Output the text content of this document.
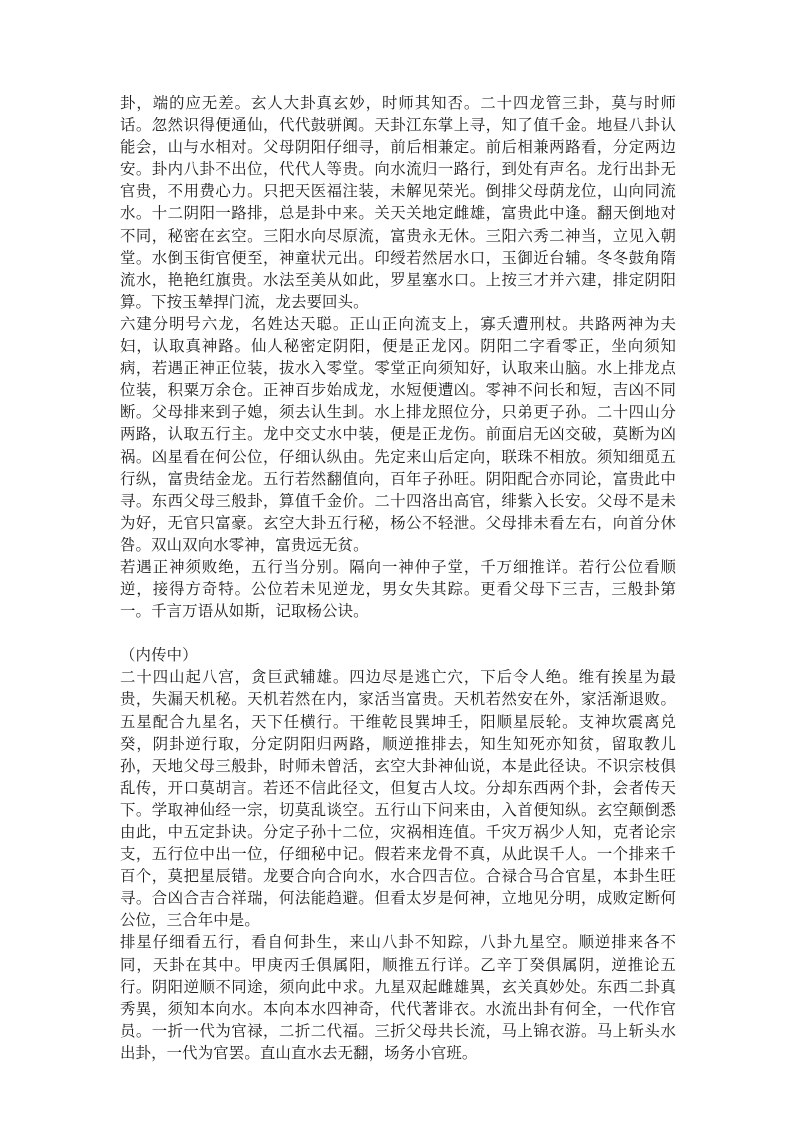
卦，端的应无差。玄人大卦真玄妙，时师其知否。二十四龙管三卦，莫与时师话。忽然识得便通仙，代代鼓骈阗。天卦江东掌上寻，知了值千金。地昼八卦认能会，山与水相对。父母阴阳仔细寻，前后相兼定。前后相兼两路看，分定两边安。卦内八卦不出位，代代人等贵。向水流归一路行，到处有声名。龙行出卦无官贵，不用费心力。只把天医福注装，未解见荣光。倒排父母荫龙位，山向同流水。十二阴阳一路排，总是卦中来。关天关地定雌雄，富贵此中逢。翻天倒地对不同，秘密在玄空。三阳水向尽原流，富贵永无休。三阳六秀二神当，立见入朝堂。水倒玉街官便至，神童状元出。印绶若然居水口，玉御近台辅。冬冬鼓角隋流水，艳艳红旗贵。水法至美从如此，罗星塞水口。上按三才并六建，排定阴阳算。下按玉辇捍门流，龙去要回头。

六建分明号六龙，名姓达天聪。正山正向流支上，寡夭遭刑杖。共路两神为夫妇，认取真神路。仙人秘密定阴阳，便是正龙冈。阴阳二字看零正，坐向须知病，若遇正神正位装，拔水入零堂。零堂正向须知好，认取来山脑。水上排龙点位装，积粟万余仓。正神百步始成龙，水短便遭凶。零神不问长和短，吉凶不同断。父母排来到子媳，须去认生刲。水上排龙照位分，只弟更子孙。二十四山分两路，认取五行主。龙中交丈水中装，便是正龙伤。前面启无凶交破，莫断为凶祸。凶星看在何公位，仔细认纵由。先定来山后定向，联珠不相放。须知细觅五行纵，富贵结金龙。五行若然翻值向，百年子孙旺。阴阳配合亦同论，富贵此中寻。东西父母三般卦，算值千金价。二十四洛出高官，绯紫入长安。父母不是未为好，无官只富豪。玄空大卦五行秘，杨公不轻泄。父母排未看左右，向首分休咎。双山双向水零神，富贵远无贫。

若遇正神须败绝，五行当分别。隔向一神仲子堂，千万细推详。若行公位看顺逆，接得方奇特。公位若未见逆龙，男女失其踪。更看父母下三吉，三般卦第一。千言万语从如斯，记取杨公诀。

（内传中）

二十四山起八宫，贪巨武辅雄。四边尽是逃亡穴，下后令人绝。维有挨星为最贵，失漏天机秘。天机若然在内，家活当富贵。天机若然安在外，家活渐退败。五星配合九星名，天下任横行。干维乾艮巽坤壬，阳顺星辰轮。支神坎震离兑癸，阴卦逆行取，分定阴阳归两路，顺逆推排去，知生知死亦知贫，留取教儿孙，天地父母三般卦，时师未曾活，玄空大卦神仙说，本是此径诀。不识宗枝俱乱传，开口莫胡言。若还不信此径文，但复古人坟。分却东西两个卦，会者传天下。学取神仙经一宗，切莫乱谈空。五行山下问来由，入首便知纵。玄空颠倒悉由此，中五定卦诀。分定子孙十二位，灾祸相连值。千灾万祸少人知，克者论宗支，五行位中出一位，仔细秘中记。假若来龙骨不真，从此误千人。一个排来千百个，莫把星辰错。龙要合向合向水，水合四吉位。合禄合马合官星，本卦生旺寻。合凶合吉合祥瑞，何法能趋避。但看太岁是何神，立地见分明，成败定断何公位，三合年中是。

排星仔细看五行，看自何卦生，来山八卦不知踪，八卦九星空。顺逆排来各不同，天卦在其中。甲庚丙壬俱属阳，顺推五行详。乙辛丁癸俱属阴，逆推论五行。阴阳逆顺不同途，须向此中求。九星双起雌雄異，玄关真妙处。东西二卦真秀異，须知本向水。本向本水四神奇，代代著诽衣。水流出卦有何全，一代作官员。一折一代为官禄，二折二代福。三折父母共长流，马上锦衣游。马上斩头水出卦，一代为官罢。直山直水去无翻，场务小官班。
